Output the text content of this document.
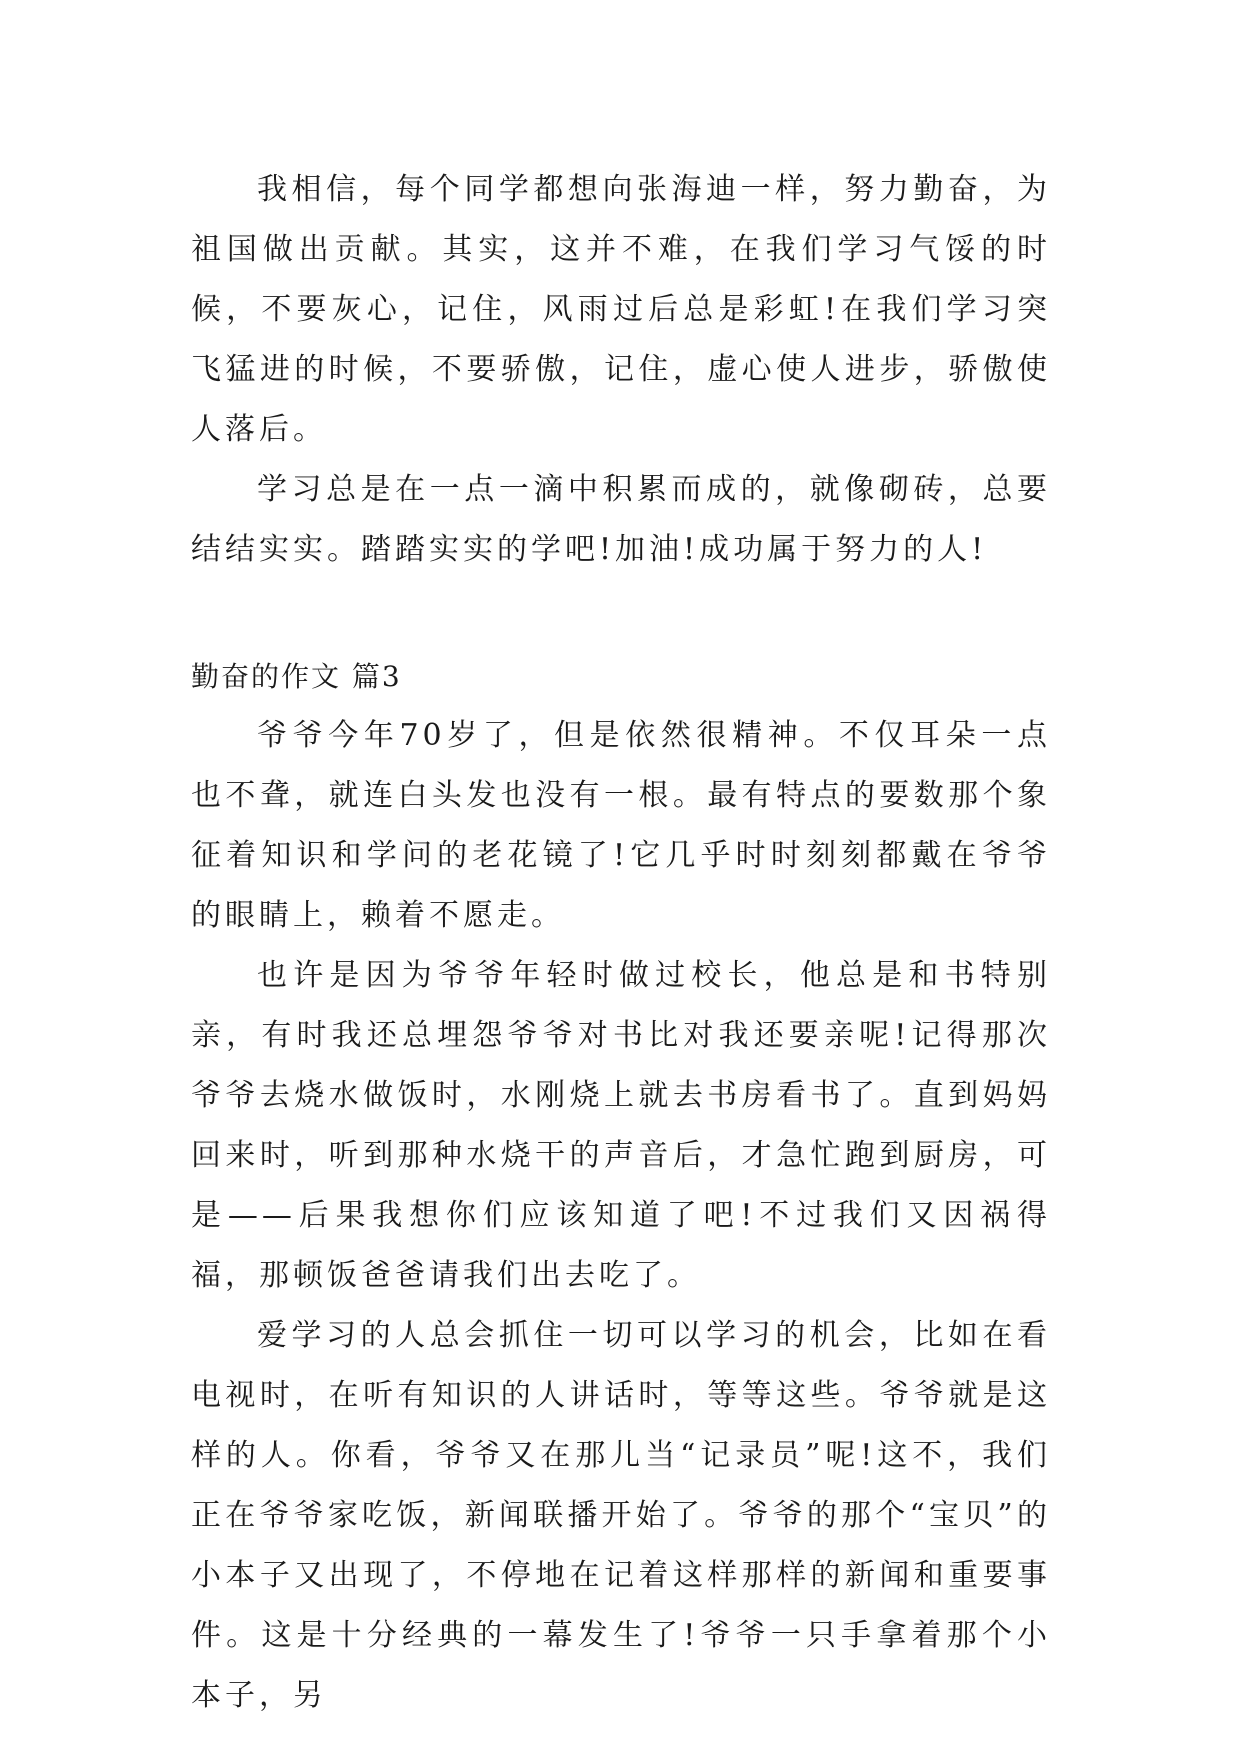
我相信，每个同学都想向张海迪一样，努力勤奋，为祖国做出贡献。其实，这并不难，在我们学习气馁的时候，不要灰心，记住，风雨过后总是彩虹!在我们学习突飞猛进的时候，不要骄傲，记住，虚心使人进步，骄傲使人落后。

学习总是在一点一滴中积累而成的，就像砌砖，总要结结实实。踏踏实实的学吧!加油!成功属于努力的人!

勤奋的作文 篇3

爷爷今年70岁了，但是依然很精神。不仅耳朵一点也不聋，就连白头发也没有一根。最有特点的要数那个象征着知识和学问的老花镜了!它几乎时时刻刻都戴在爷爷的眼睛上，赖着不愿走。

也许是因为爷爷年轻时做过校长，他总是和书特别亲，有时我还总埋怨爷爷对书比对我还要亲呢!记得那次爷爷去烧水做饭时，水刚烧上就去书房看书了。直到妈妈回来时，听到那种水烧干的声音后，才急忙跑到厨房，可是——后果我想你们应该知道了吧!不过我们又因祸得福，那顿饭爸爸请我们出去吃了。

爱学习的人总会抓住一切可以学习的机会，比如在看电视时，在听有知识的人讲话时，等等这些。爷爷就是这样的人。你看，爷爷又在那儿当“记录员”呢!这不，我们正在爷爷家吃饭，新闻联播开始了。爷爷的那个“宝贝”的小本子又出现了，不停地在记着这样那样的新闻和重要事件。这是十分经典的一幕发生了!爷爷一只手拿着那个小本子，另
